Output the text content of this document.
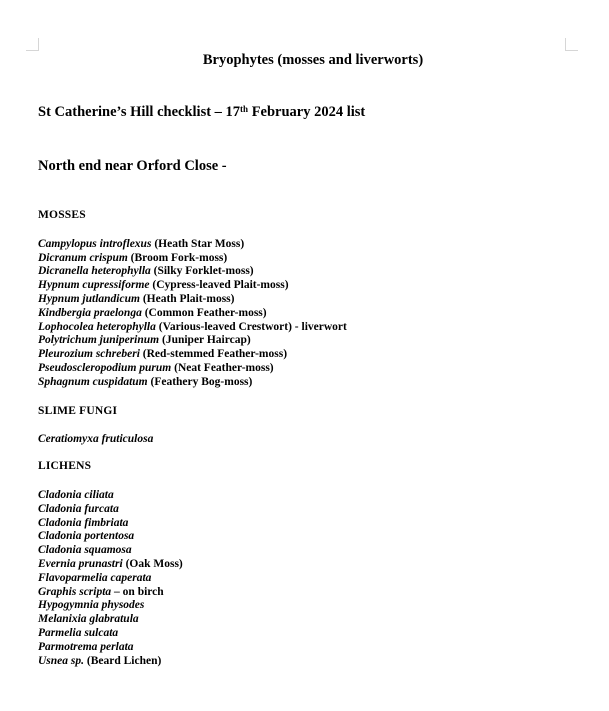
Bryophytes (mosses and liverworts)
St Catherine’s Hill checklist – 17th February 2024 list
North end near Orford Close -
MOSSES

Campylopus introflexus (Heath Star Moss)

Dicranum crispum (Broom Fork-moss)

Dicranella heterophylla (Silky Forklet-moss)

Hypnum cupressiforme (Cypress-leaved Plait-moss)

Hypnum jutlandicum (Heath Plait-moss)

Kindbergia praelonga (Common Feather-moss)

Lophocolea heterophylla (Various-leaved Crestwort) - liverwort

Polytrichum juniperinum (Juniper Haircap)

Pleurozium schreberi (Red-stemmed Feather-moss)

Pseudoscleropodium purum (Neat Feather-moss)

Sphagnum cuspidatum (Feathery Bog-moss)

SLIME FUNGI

Ceratiomyxa fruticulosa

LICHENS

Cladonia ciliata

Cladonia furcata

Cladonia fimbriata

Cladonia portentosa

Cladonia squamosa

Evernia prunastri (Oak Moss)

Flavoparmelia caperata

Graphis scripta – on birch

Hypogymnia physodes

Melanixia glabratula

Parmelia sulcata

Parmotrema perlata

Usnea sp. (Beard Lichen)
